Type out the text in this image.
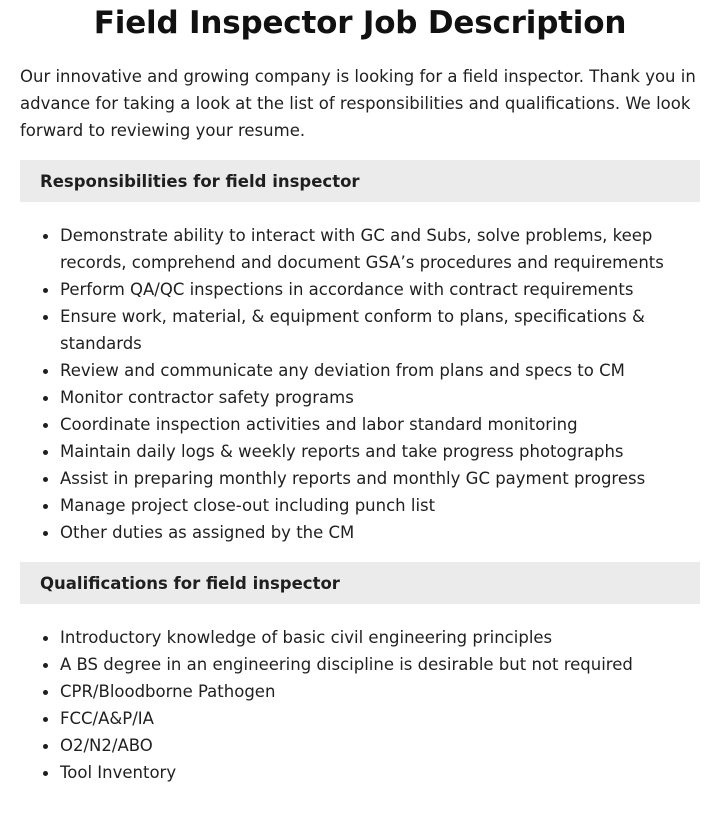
Field Inspector Job Description

Our innovative and growing company is looking for a field inspector. Thank you in advance for taking a look at the list of responsibilities and qualifications. We look forward to reviewing your resume.

Responsibilities for field inspector
Demonstrate ability to interact with GC and Subs, solve problems, keep records, comprehend and document GSA’s procedures and requirements
Perform QA/QC inspections in accordance with contract requirements
Ensure work, material, & equipment conform to plans, specifications & standards
Review and communicate any deviation from plans and specs to CM
Monitor contractor safety programs
Coordinate inspection activities and labor standard monitoring
Maintain daily logs & weekly reports and take progress photographs
Assist in preparing monthly reports and monthly GC payment progress
Manage project close-out including punch list
Other duties as assigned by the CM
Qualifications for field inspector
Introductory knowledge of basic civil engineering principles
A BS degree in an engineering discipline is desirable but not required
CPR/Bloodborne Pathogen
FCC/A&P/IA
O2/N2/ABO
Tool Inventory
